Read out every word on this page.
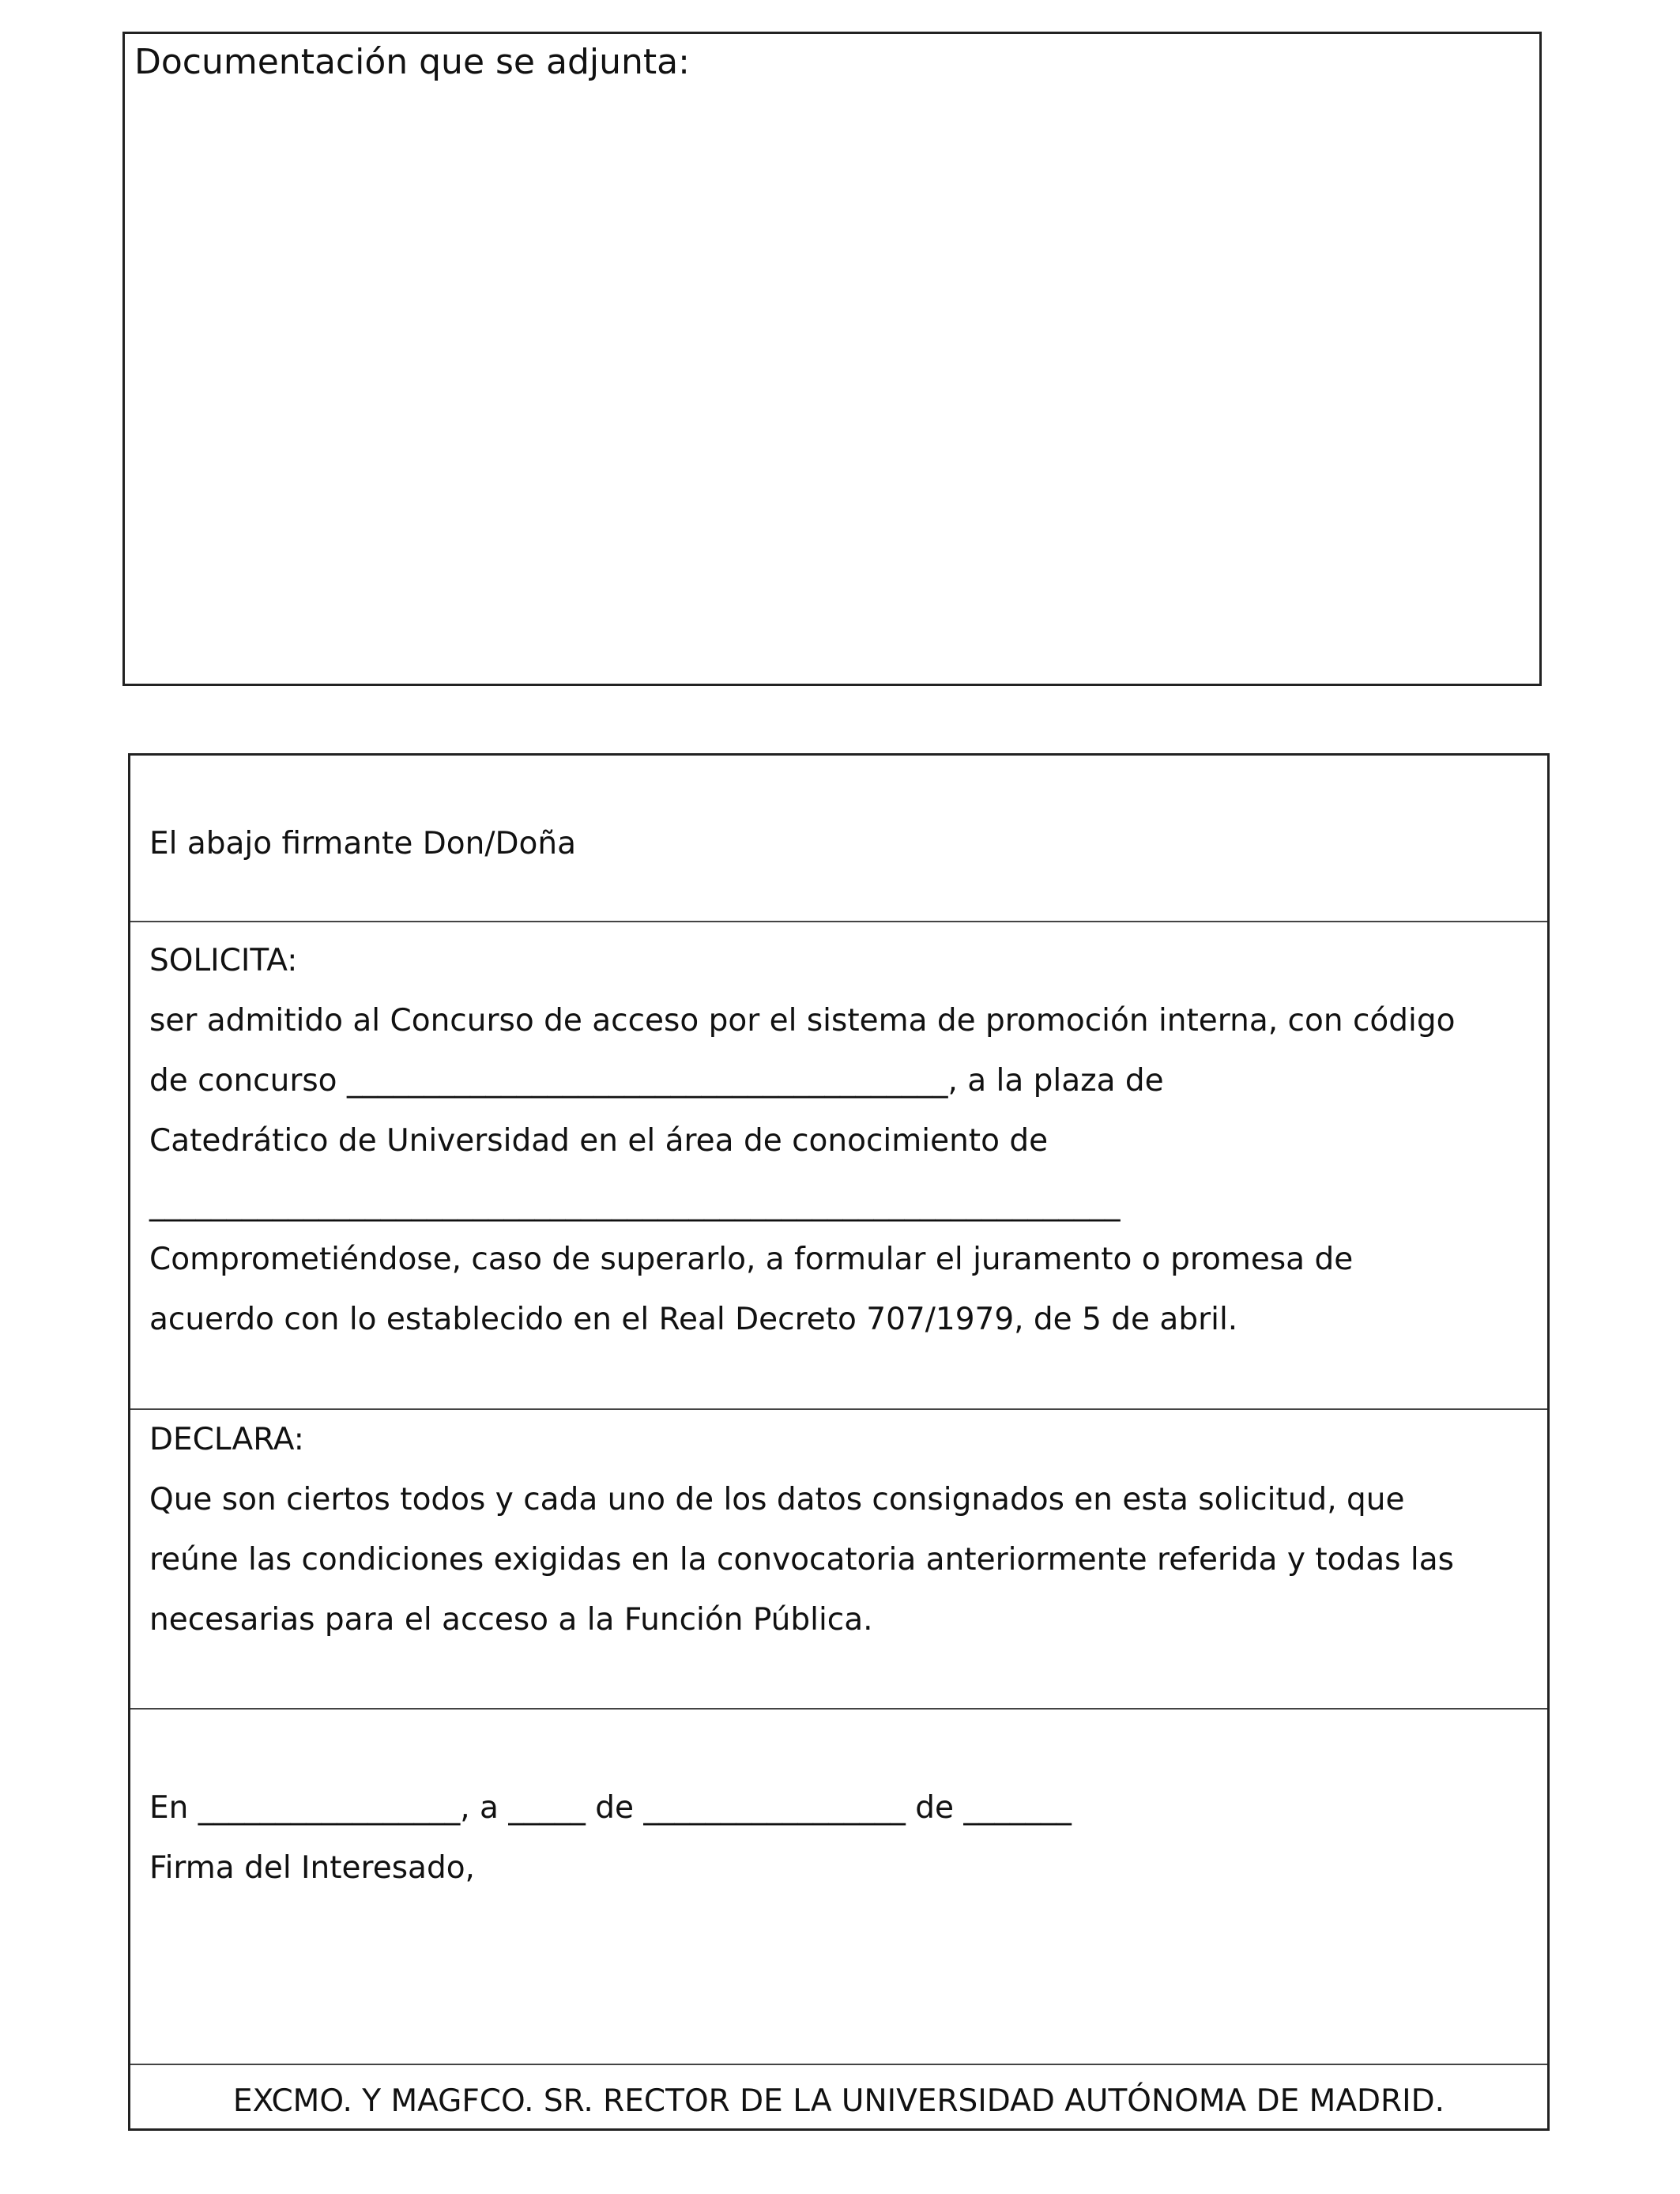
Documentación que se adjunta:
El abajo firmante Don/Doña
SOLICITA:
ser admitido al Concurso de acceso por el sistema de promoción interna, con código
de concurso _______________________________________, a la plaza de
Catedrático de Universidad en el área de conocimiento de
_______________________________________________________________
Comprometiéndose, caso de superarlo, a formular el juramento o promesa de
acuerdo con lo establecido en el Real Decreto 707/1979, de 5 de abril.
DECLARA:
Que son ciertos todos y cada uno de los datos consignados en esta solicitud, que
reúne las condiciones exigidas en la convocatoria anteriormente referida y todas las
necesarias para el acceso a la Función Pública.
En _________________, a _____ de _________________ de _______
Firma del Interesado,
EXCMO. Y MAGFCO. SR. RECTOR DE LA UNIVERSIDAD AUTÓNOMA DE MADRID.
